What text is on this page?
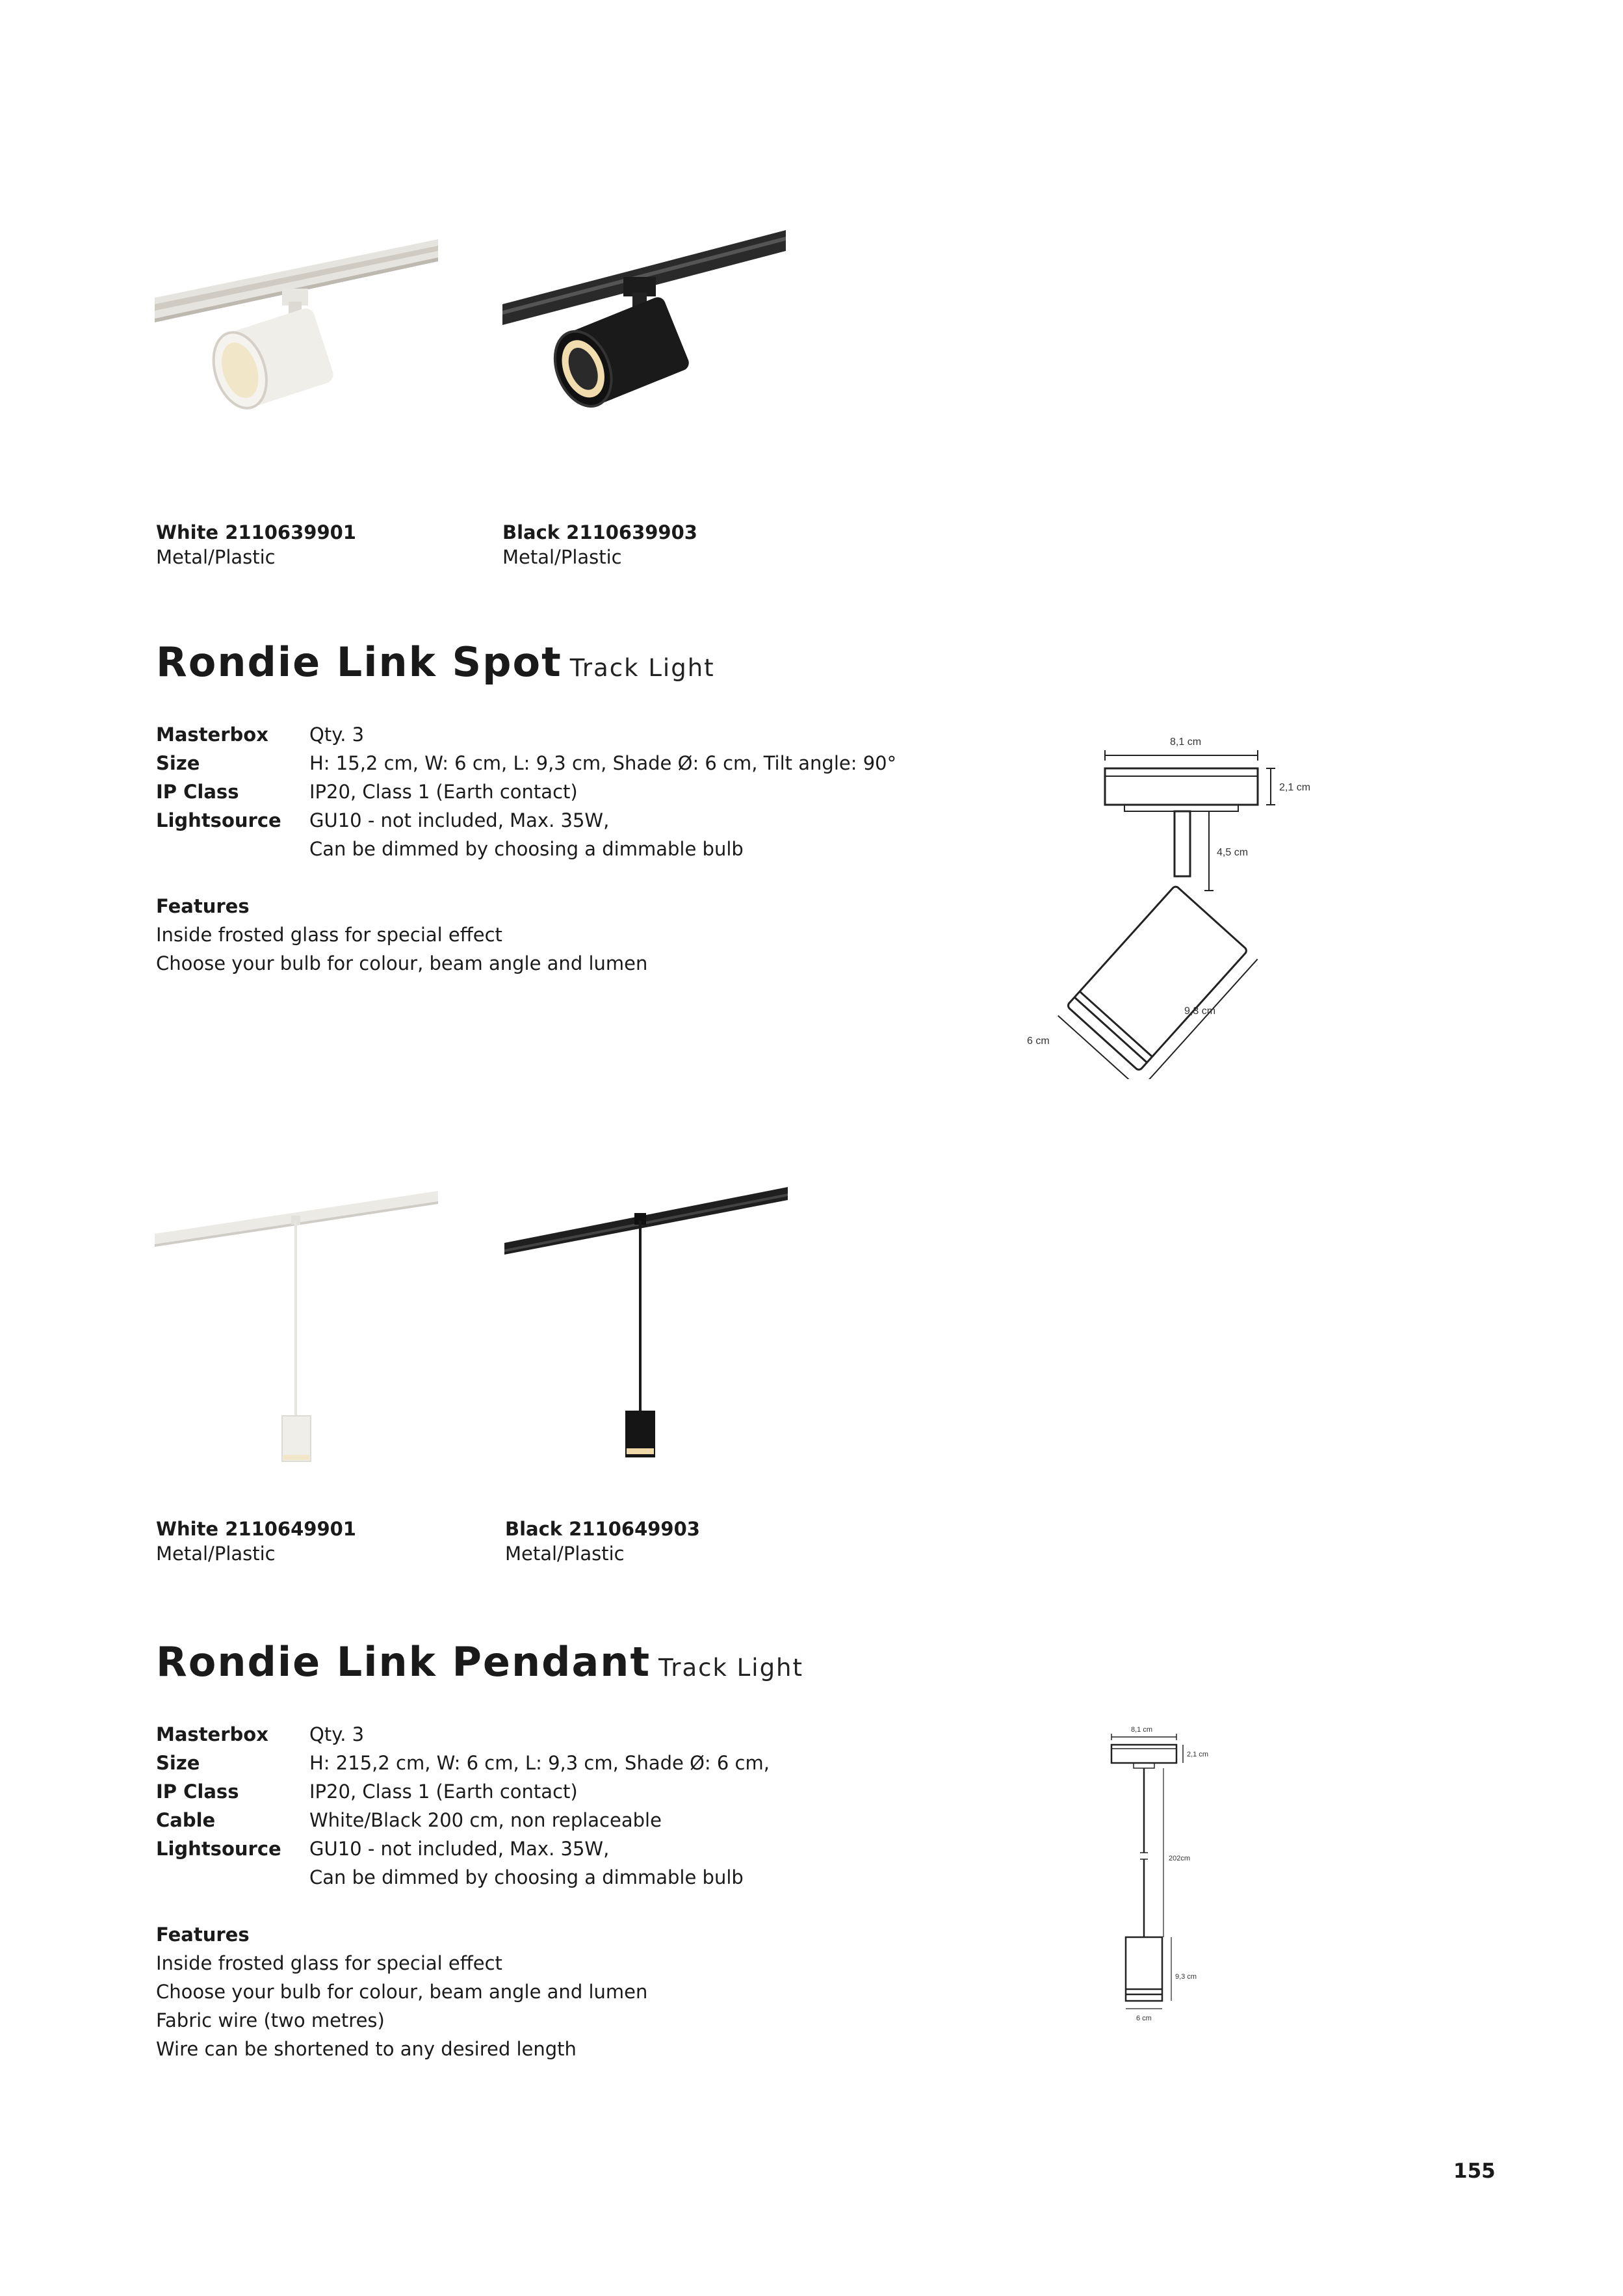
White 2110639901
Metal/Plastic
Black 2110639903
Metal/Plastic
Rondie Link Spot Track Light
Masterbox	Qty. 3
Size	H: 15,2 cm, W: 6 cm, L: 9,3 cm, Shade Ø: 6 cm, Tilt angle: 90°
IP Class	IP20, Class 1 (Earth contact)
Lightsource	GU10 - not included, Max. 35W,
Can be dimmed by choosing a dimmable bulb
Features
Inside frosted glass for special effect
Choose your bulb for colour, beam angle and lumen
8,1 cm
2,1 cm
4,5 cm
9,3 cm
6 cm
White 2110649901
Metal/Plastic
Black 2110649903
Metal/Plastic
Rondie Link Pendant Track Light
Masterbox	Qty. 3
Size	H: 215,2 cm, W: 6 cm, L: 9,3 cm, Shade Ø: 6 cm,
IP Class	IP20, Class 1 (Earth contact)
Cable	White/Black 200 cm, non replaceable
Lightsource	GU10 - not included, Max. 35W,
Can be dimmed by choosing a dimmable bulb
Features
Inside frosted glass for special effect
Choose your bulb for colour, beam angle and lumen
Fabric wire (two metres)
Wire can be shortened to any desired length
8,1 cm
2,1 cm
202cm
9,3 cm
6 cm
155
